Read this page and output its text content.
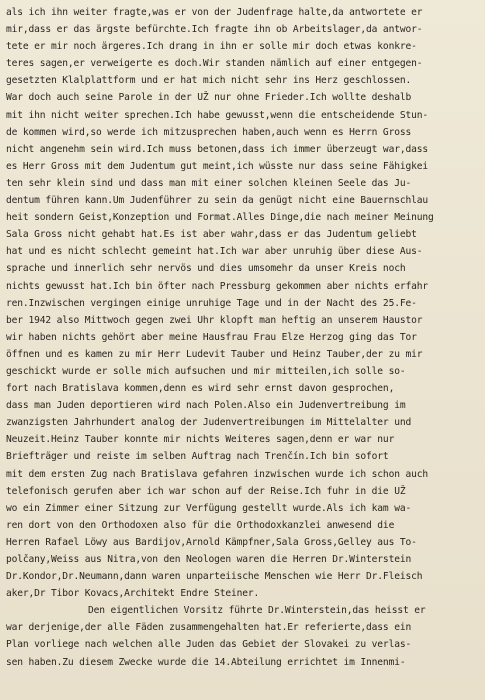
als ich ihn weiter fragte,was er von der Judenfrage halte,da antwortete er
mir,dass er das ärgste befürchte.Ich fragte ihn ob Arbeitslager,da antwor-
tete er mir noch ärgeres.Ich drang in ihn er solle mir doch etwas konkre-
teres sagen,er verweigerte es doch.Wir standen nämlich auf einer entgegen-
gesetzten Klalplattform und er hat mich nicht sehr ins Herz geschlossen.
War doch auch seine Parole in der UŽ nur ohne Frieder.Ich wollte deshalb
mit ihn nicht weiter sprechen.Ich habe gewusst,wenn die entscheidende Stun-
de kommen wird,so werde ich mitzusprechen haben,auch wenn es Herrn Gross
nicht angenehm sein wird.Ich muss betonen,dass ich immer überzeugt war,dass
es Herr Gross mit dem Judentum gut meint,ich wüsste nur dass seine Fähigkei
ten sehr klein sind und dass man mit einer solchen kleinen Seele das Ju-
dentum führen kann.Um Judenführer zu sein da genügt nicht eine Bauernschlau
heit sondern Geist,Konzeption und Format.Alles Dinge,die nach meiner Meinung
Sala Gross nicht gehabt hat.Es ist aber wahr,dass er das Judentum geliebt
hat und es nicht schlecht gemeint hat.Ich war aber unruhig über diese Aus-
sprache und innerlich sehr nervös und dies umsomehr da unser Kreis noch
nichts gewusst hat.Ich bin öfter nach Pressburg gekommen aber nichts erfahr
ren.Inzwischen vergingen einige unruhige Tage und in der Nacht des 25.Fe-
ber 1942 also Mittwoch gegen zwei Uhr klopft man heftig an unserem Haustor
wir haben nichts gehört aber meine Hausfrau Frau Elze Herzog ging das Tor
öffnen und es kamen zu mir Herr Ludevit Tauber und Heinz Tauber,der zu mir
geschickt wurde er solle mich aufsuchen und mir mitteilen,ich solle so-
fort nach Bratislava kommen,denn es wird sehr ernst davon gesprochen,
dass man Juden deportieren wird nach Polen.Also ein Judenvertreibung im
zwanzigsten Jahrhundert analog der Judenvertreibungen im Mittelalter und
Neuzeit.Heinz Tauber konnte mir nichts Weiteres sagen,denn er war nur
Briefträger und reiste im selben Auftrag nach Trenčín.Ich bin sofort
mit dem ersten Zug nach Bratislava gefahren inzwischen wurde ich schon auch
telefonisch gerufen aber ich war schon auf der Reise.Ich fuhr in die UŽ
wo ein Zimmer einer Sitzung zur Verfügung gestellt wurde.Als ich kam wa-
ren dort von den Orthodoxen also für die Orthodoxkanzlei anwesend die
Herren Rafael Löwy aus Bardijov,Arnold Kämpfner,Sala Gross,Gelley aus To-
polčany,Weiss aus Nitra,von den Neologen waren die Herren Dr.Winterstein
Dr.Kondor,Dr.Neumann,dann waren unparteiische Menschen wie Herr Dr.Fleisch
aker,Dr Tibor Kovacs,Architekt Endre Steiner.
Den eigentlichen Vorsitz führte Dr.Winterstein,das heisst er
war derjenige,der alle Fäden zusammengehalten hat.Er referierte,dass ein
Plan vorliege nach welchen alle Juden das Gebiet der Slovakei zu verlas-
sen haben.Zu diesem Zwecke wurde die 14.Abteilung errichtet im Innenmi-
